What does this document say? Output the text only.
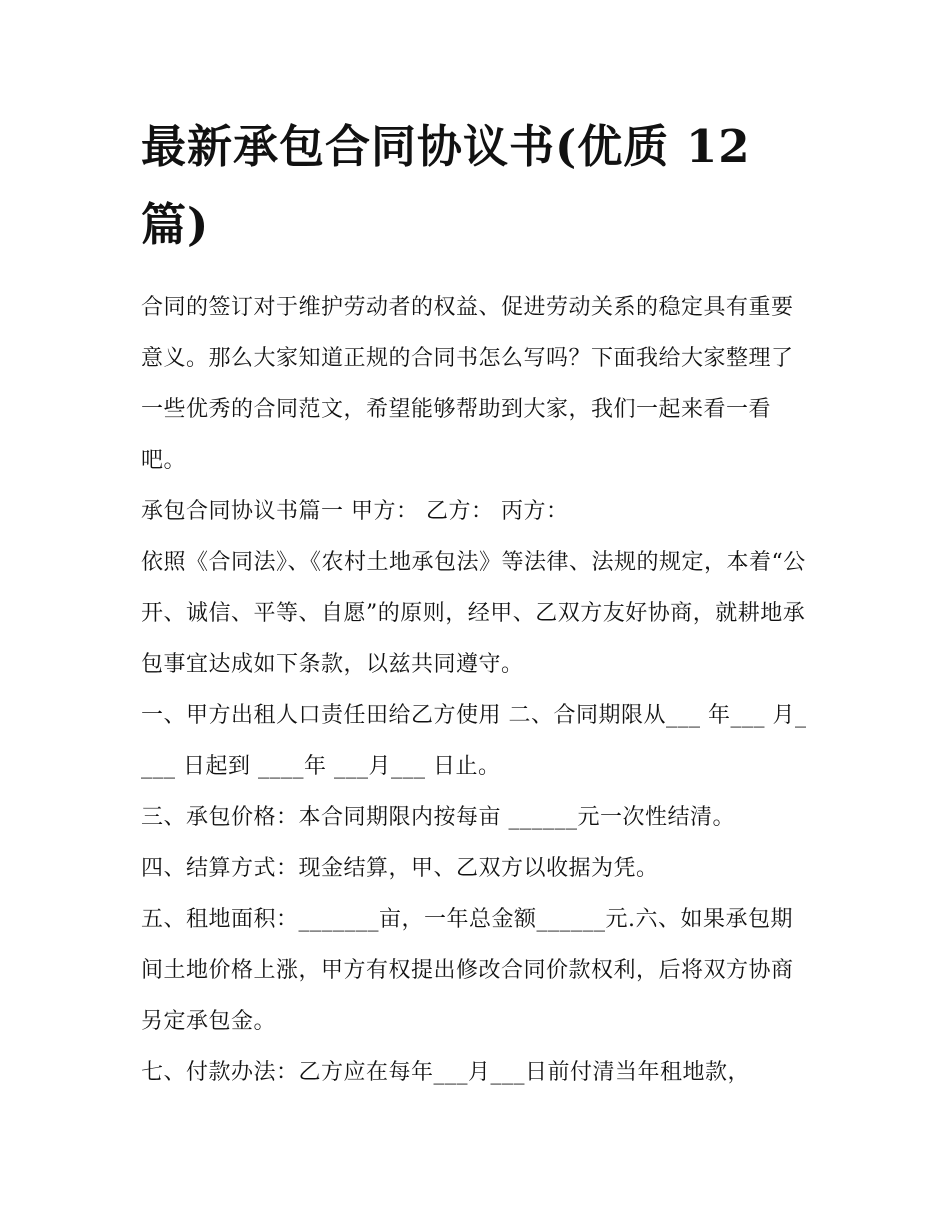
最新承包合同协议书(优质 12 篇)

合同的签订对于维护劳动者的权益、促进劳动关系的稳定具有重要意义。那么大家知道正规的合同书怎么写吗？下面我给大家整理了一些优秀的合同范文，希望能够帮助到大家，我们一起来看一看吧。

承包合同协议书篇一 甲方： 乙方： 丙方：

依照《合同法》、《农村土地承包法》等法律、法规的规定，本着“公开、诚信、平等、自愿”的原则，经甲、乙双方友好协商，就耕地承包事宜达成如下条款，以兹共同遵守。

一、甲方出租人口责任田给乙方使用 二、合同期限从___ 年___ 月____ 日起到 ____年 ___月___ 日止。

三、承包价格：本合同期限内按每亩 ______元一次性结清。

四、结算方式：现金结算，甲、乙双方以收据为凭。

五、租地面积：_______亩，一年总金额______元.六、如果承包期间土地价格上涨，甲方有权提出修改合同价款权利，后将双方协商另定承包金。

七、付款办法：乙方应在每年___月___日前付清当年租地款，
